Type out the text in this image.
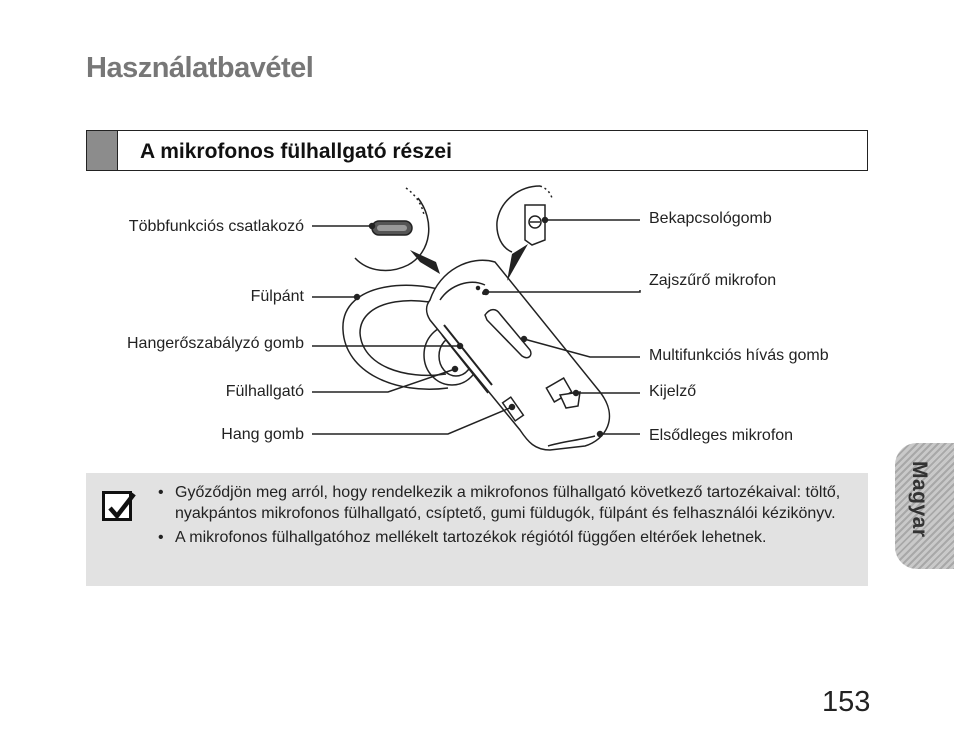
Használatbavétel
A mikrofonos fülhallgató részei
Többfunkciós csatlakozó
Fülpánt
Hangerőszabályzó gomb
Fülhallgató
Hang gomb
Bekapcsológomb
Zajszűrő mikrofon
Multifunkciós hívás gomb
Kijelző
Elsődleges mikrofon
• Győződjön meg arról, hogy rendelkezik a mikrofonos fülhallgató következő tartozékaival: töltő, nyakpántos mikrofonos fülhallgató, csíptető, gumi füldugók, fülpánt és felhasználói kézikönyv.
• A mikrofonos fülhallgatóhoz mellékelt tartozékok régiótól függően eltérőek lehetnek.	Magyar
153
